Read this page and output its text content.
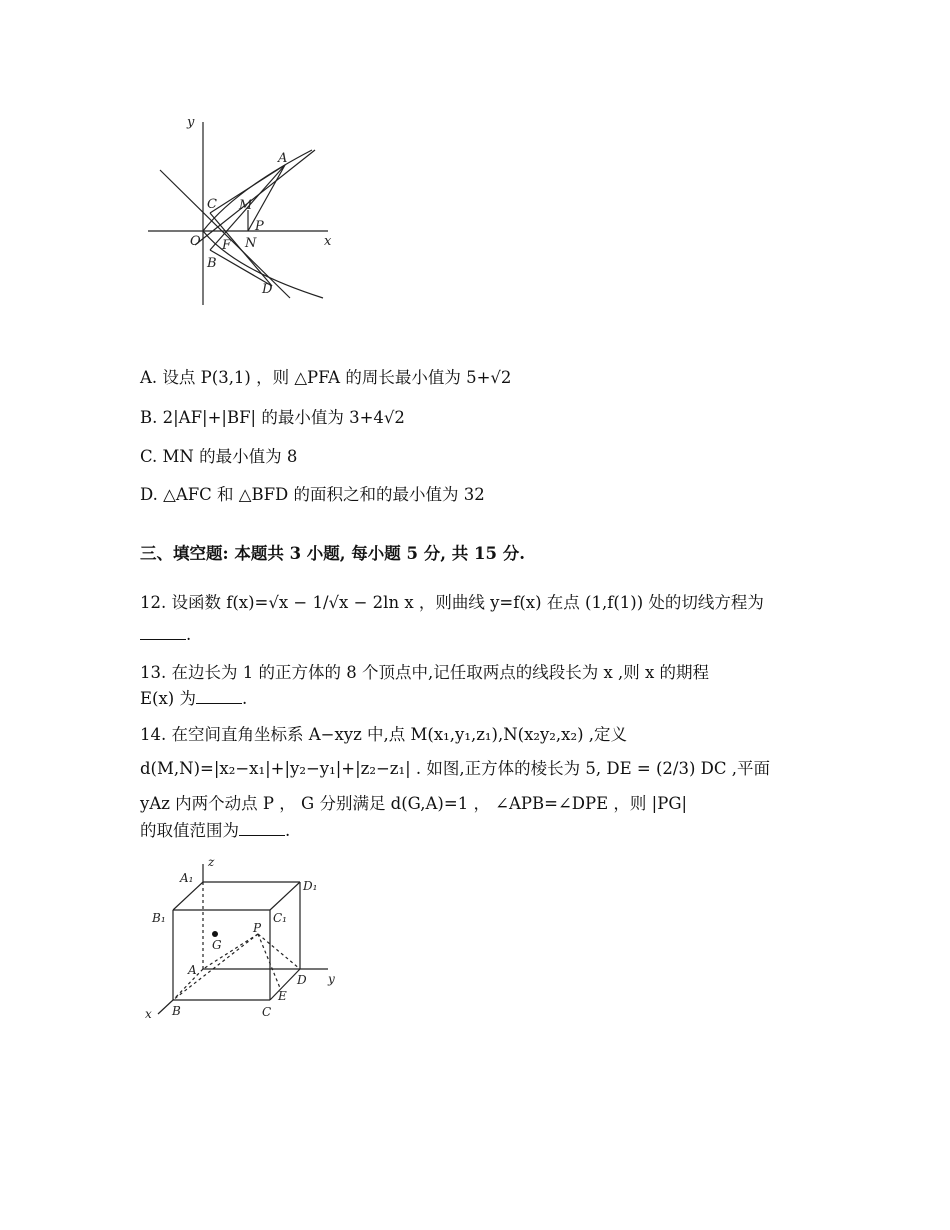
y
x
A
C M
P
O F N
B
D
A. 设点 P(3,1) ，则 △PFA 的周长最小值为 5+√2
B. 2|AF|+|BF| 的最小值为 3+4√2
C. MN 的最小值为 8
D. △AFC 和 △BFD 的面积之和的最小值为 32
三、填空题: 本题共 3 小题, 每小题 5 分, 共 15 分.
12. 设函数 f(x)=√x − 1/√x − 2ln x ，则曲线 y=f(x) 在点 (1,f(1)) 处的切线方程为
.
13. 在边长为 1 的正方体的 8 个顶点中,记任取两点的线段长为 x ,则 x 的期程
E(x) 为	.
14. 在空间直角坐标系 A−xyz 中,点 M(x₁,y₁,z₁),N(x₂y₂,x₂) ,定义
d(M,N)=|x₂−x₁|+|y₂−y₁|+|z₂−z₁| . 如图,正方体的棱长为 5, DE = (2/3) DC ,平面
yAz 内两个动点 P ， G 分别满足 d(G,A)=1 ， ∠APB=∠DPE ，则 |PG|
的取值范围为	.
z
A₁
D₁
B₁	C₁
G
P
A
D y
E
x B	C
